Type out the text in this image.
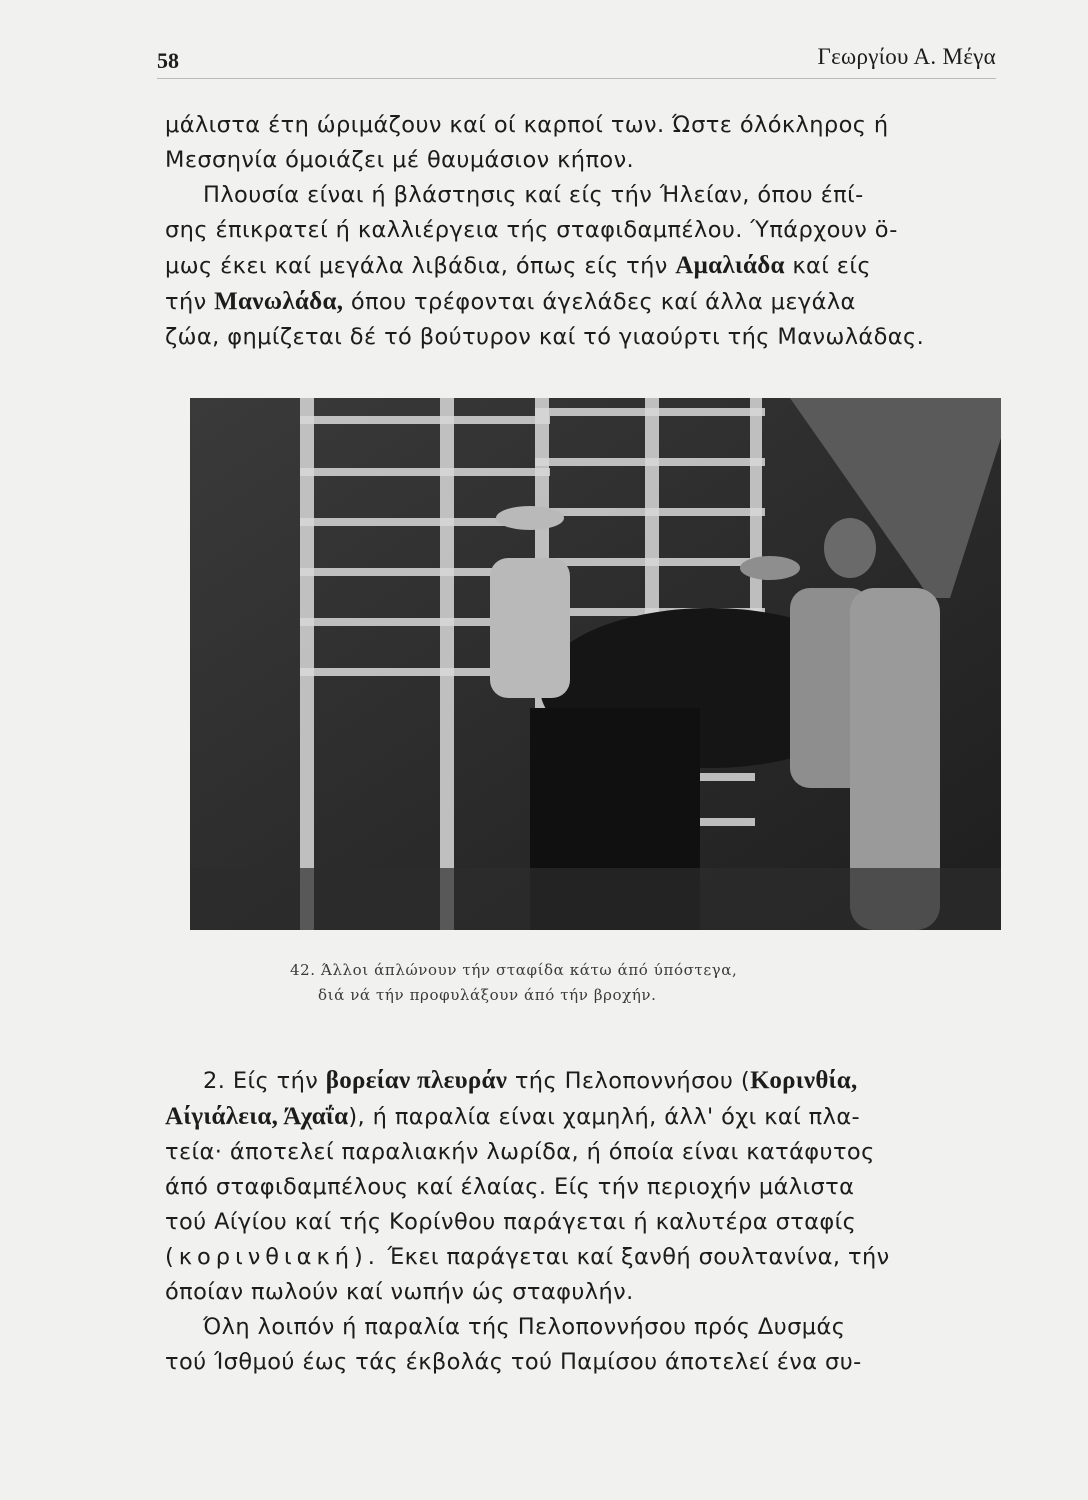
58	Γεωργίου Α. Μέγα

μάλιστα έτη ώριμάζουν καί οί καρποί των. Ώστε όλόκληρος ή
Μεσσηνία όμοιάζει μέ θαυμάσιον κήπον.

Πλουσία είναι ή βλάστησις καί είς τήν Ήλείαν, όπου έπί-
σης έπικρατεί ή καλλιέργεια τής σταφιδαμπέλου. Ύπάρχουν ö-
μως έκει καί μεγάλα λιβάδια, όπως είς τήν Αμαλιάδα καί είς
τήν Μανωλάδα, όπου τρέφονται άγελάδες καί άλλα μεγάλα
ζώα, φημίζεται δέ τό βούτυρον καί τό γιαούρτι τής Μανωλάδας.

42. Άλλοι άπλώνουν τήν σταφίδα κάτω άπό ύπόστεγα,
διά νά τήν προφυλάξουν άπό τήν βροχήν.

2. Είς τήν βορείαν πλευράν τής Πελοποννήσου (Κορινθία,
Αίγιάλεια, Άχαΐα), ή παραλία είναι χαμηλή, άλλ' όχι καί πλα-
τεία· άποτελεί παραλιακήν λωρίδα, ή όποία είναι κατάφυτος
άπό σταφιδαμπέλους καί έλαίας. Είς τήν περιοχήν μάλιστα
τού Αίγίου καί τής Κορίνθου παράγεται ή καλυτέρα σταφίς
(κορινθιακή). Έκει παράγεται καί ξανθή σουλτανίνα, τήν
όποίαν πωλούν καί νωπήν ώς σταφυλήν.

Όλη λοιπόν ή παραλία τής Πελοποννήσου πρός Δυσμάς
τού Ίσθμού έως τάς έκβολάς τού Παμίσου άποτελεί ένα συ-
